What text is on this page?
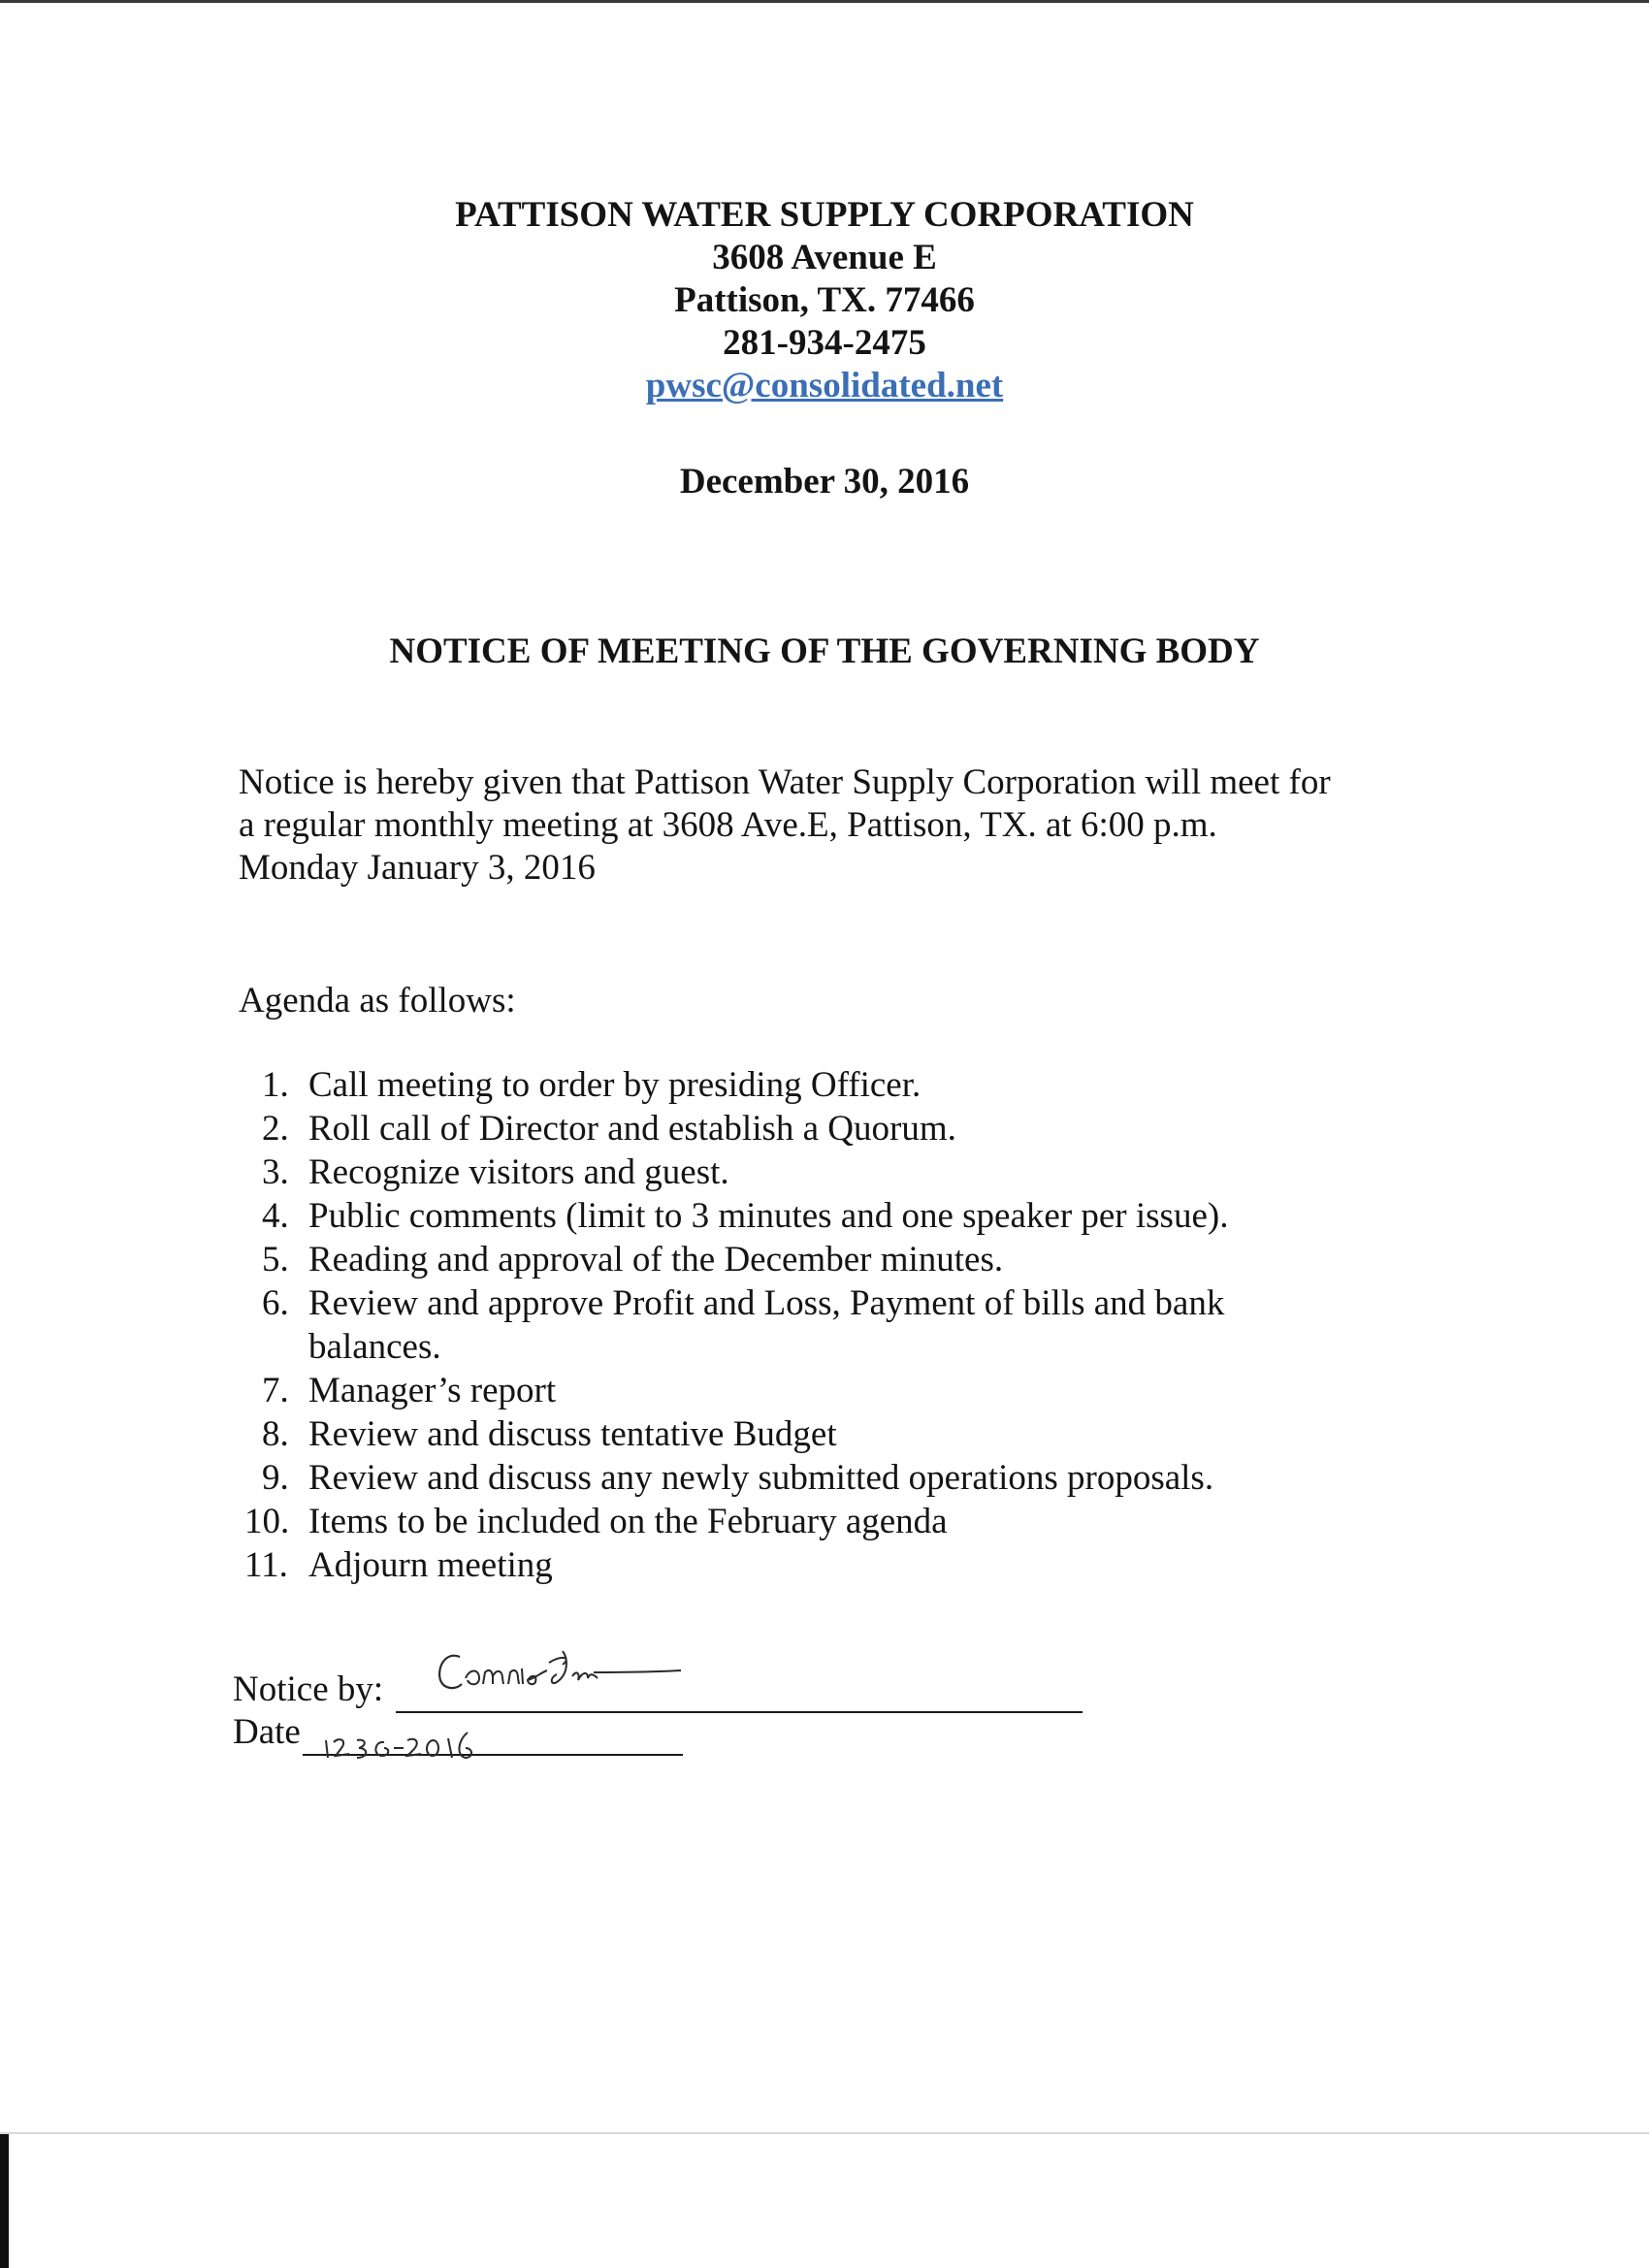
PATTISON WATER SUPPLY CORPORATION
3608 Avenue E
Pattison, TX. 77466
281-934-2475
pwsc@consolidated.net
December 30, 2016
NOTICE OF MEETING OF THE GOVERNING BODY
Notice is hereby given that Pattison Water Supply Corporation will meet for
a regular monthly meeting at 3608 Ave.E, Pattison, TX. at 6:00 p.m.
Monday January 3, 2016
Agenda as follows:
1. Call meeting to order by presiding Officer.
2. Roll call of Director and establish a Quorum.
3. Recognize visitors and guest.
4. Public comments (limit to 3 minutes and one speaker per issue).
5. Reading and approval of the December minutes.
6. Review and approve Profit and Loss, Payment of bills and bank balances.
7. Manager’s report
8. Review and discuss tentative Budget
9. Review and discuss any newly submitted operations proposals.
10. Items to be included on the February agenda
11. Adjourn meeting
Notice by:
Date
